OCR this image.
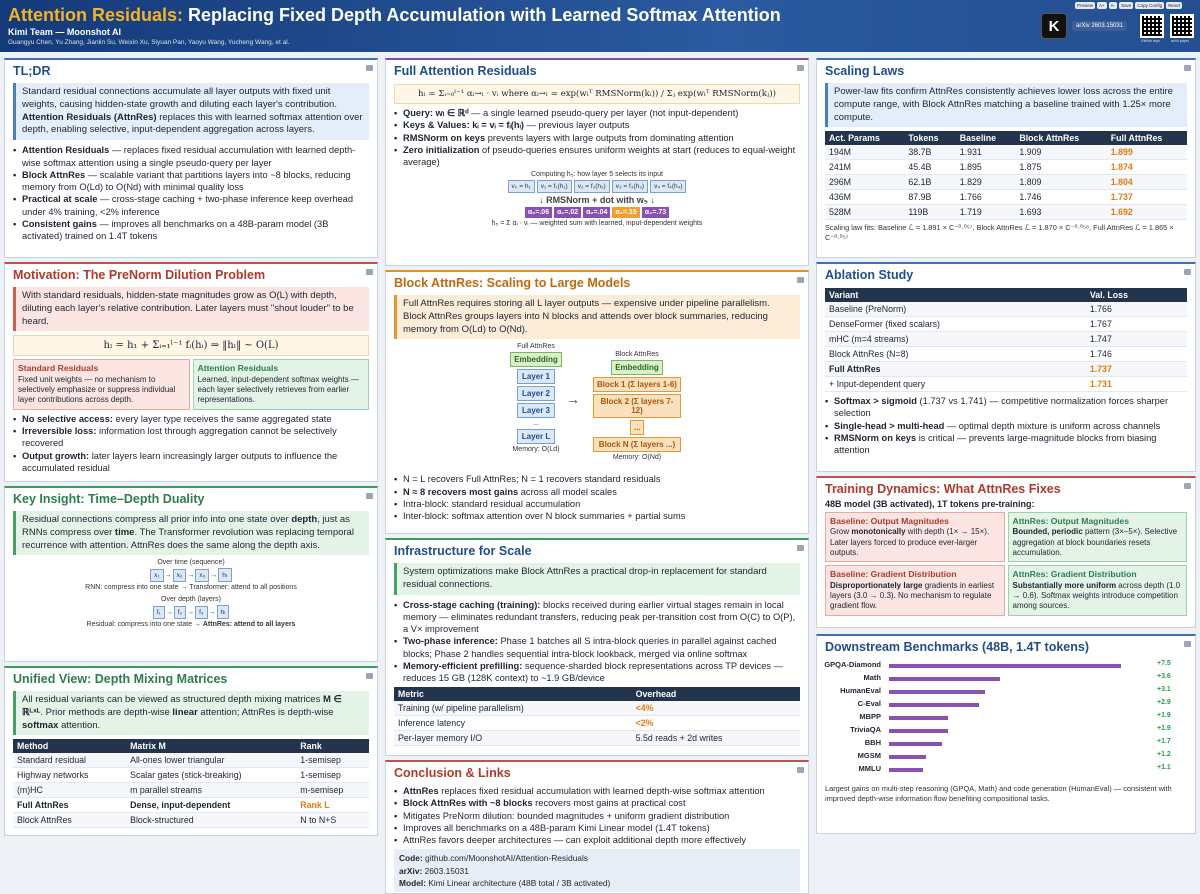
Attention Residuals: Replacing Fixed Depth Accumulation with Learned Softmax Attention
Kimi Team — Moonshot AI
Guangyu Chen, Yu Zhang, Jianlin Su, Weixin Xu, Siyuan Pan, Yaoyu Wang, Yucheng Wang, et al.
Preview	A+	A-	Save	Copy Config	Reset
K	arXiv 2603.15031
GitHub repo	arXiv paper
TL;DR
Standard residual connections accumulate all layer outputs with fixed unit weights, causing hidden-state growth and diluting each layer's contribution. Attention Residuals (AttnRes) replaces this with learned softmax attention over depth, enabling selective, input-dependent aggregation across layers.
• Attention Residuals — replaces fixed residual accumulation with learned depth-wise softmax attention using a single pseudo-query per layer
• Block AttnRes — scalable variant that partitions layers into ~8 blocks, reducing memory from O(Ld) to O(Nd) with minimal quality loss
• Practical at scale — cross-stage caching + two-phase inference keep overhead under 4% training, <2% inference
• Consistent gains — improves all benchmarks on a 48B-param model (3B activated) trained on 1.4T tokens
Motivation: The PreNorm Dilution Problem
With standard residuals, hidden-state magnitudes grow as O(L) with depth, diluting each layer's relative contribution. Later layers must "shout louder" to be heard.
hₗ = h₁ + Σᵢ₌₁ˡ⁻¹ fᵢ(hᵢ) ⇒ ‖hₗ‖ ~ O(L)
Standard Residuals
Fixed unit weights — no mechanism to selectively emphasize or suppress individual layer contributions across depth.
Attention Residuals
Learned, input-dependent softmax weights — each layer selectively retrieves from earlier representations.
• No selective access: every layer type receives the same aggregated state
• Irreversible loss: information lost through aggregation cannot be selectively recovered
• Output growth: later layers learn increasingly larger outputs to influence the accumulated residual
Key Insight: Time–Depth Duality
Residual connections compress all prior info into one state over depth, just as RNNs compress over time. The Transformer revolution was replacing temporal recurrence with attention. AttnRes does the same along the depth axis.
Over time (sequence)
x₁ → x₂ → x₃ → hₜ
RNN: compress into one state → Transformer: attend to all positions
Over depth (layers)
f₁ → f₂ → f₃ → hₗ
Residual: compress into one state → AttnRes: attend to all layers
Unified View: Depth Mixing Matrices
All residual variants can be viewed as structured depth mixing matrices M ∈ ℝᴸˣᴸ. Prior methods are depth-wise linear attention; AttnRes is depth-wise softmax attention.
Method	Matrix M	Rank
Standard residual	All-ones lower triangular	1-semisep
Highway networks	Scalar gates (stick-breaking)	1-semisep
(m)HC	m parallel streams	m-semisep
Full AttnRes	Dense, input-dependent	Rank L
Block AttnRes	Block-structured	N to N+S
Full Attention Residuals
hₗ = Σᵢ₌₀ˡ⁻¹ αᵢ→ₗ · vᵢ where αᵢ→ₗ = exp(wₗᵀ RMSNorm(kᵢ)) / Σⱼ exp(wₗᵀ RMSNorm(kⱼ))
• Query: wₗ ∈ ℝᵈ — a single learned pseudo-query per layer (not input-dependent)
• Keys & Values: kᵢ = vᵢ = fᵢ(hᵢ) — previous layer outputs
• RMSNorm on keys prevents layers with large outputs from dominating attention
• Zero initialization of pseudo-queries ensures uniform weights at start (reduces to equal-weight average)
Computing h₅: how layer 5 selects its input
v₀ = h₁ v₁ = f₁(h₁) v₂ = f₂(h₂) v₃ = f₃(h₃) v₄ = f₄(h₄)
↓ RMSNorm + dot with w₅ ↓
α₀=.06 α₁=.02 α₂=.04 α₃=.15 α₄=.73
h₅ = Σ αᵢ · vᵢ — weighted sum with learned, input-dependent weights
Block AttnRes: Scaling to Large Models
Full AttnRes requires storing all L layer outputs — expensive under pipeline parallelism. Block AttnRes groups layers into N blocks and attends over block summaries, reducing memory from O(Ld) to O(Nd).
Full AttnRes
Embedding
Layer 1
Layer 2
Layer 3
...
Layer L
Memory: O(Ld)
→
Block AttnRes
Embedding
Block 1 (Σ layers 1-6)
Block 2 (Σ layers 7-12)
...
Block N (Σ layers ...)
Memory: O(Nd)
• N = L recovers Full AttnRes; N = 1 recovers standard residuals
• N ≈ 8 recovers most gains across all model scales
• Intra-block: standard residual accumulation
• Inter-block: softmax attention over N block summaries + partial sums
Infrastructure for Scale
System optimizations make Block AttnRes a practical drop-in replacement for standard residual connections.
• Cross-stage caching (training): blocks received during earlier virtual stages remain in local memory — eliminates redundant transfers, reducing peak per-transition cost from O(C) to O(P), a V× improvement
• Two-phase inference: Phase 1 batches all S intra-block queries in parallel against cached blocks; Phase 2 handles sequential intra-block lookback, merged via online softmax
• Memory-efficient prefilling: sequence-sharded block representations across TP devices — reduces 15 GB (128K context) to ~1.9 GB/device
Metric	Overhead
Training (w/ pipeline parallelism)	<4%
Inference latency	<2%
Per-layer memory I/O	5.5d reads + 2d writes
Conclusion & Links
• AttnRes replaces fixed residual accumulation with learned depth-wise softmax attention
• Block AttnRes with ~8 blocks recovers most gains at practical cost
• Mitigates PreNorm dilution: bounded magnitudes + uniform gradient distribution
• Improves all benchmarks on a 48B-param Kimi Linear model (1.4T tokens)
• AttnRes favors deeper architectures — can exploit additional depth more effectively
Code: github.com/MoonshotAI/Attention-Residuals
arXiv: 2603.15031
Model: Kimi Linear architecture (48B total / 3B activated)
Scaling Laws
Power-law fits confirm AttnRes consistently achieves lower loss across the entire compute range, with Block AttnRes matching a baseline trained with 1.25× more compute.
Act. Params	Tokens	Baseline	Block AttnRes	Full AttnRes
194M	38.7B	1.931	1.909	1.899
241M	45.4B	1.895	1.875	1.874
296M	62.1B	1.829	1.809	1.804
436M	87.9B	1.766	1.746	1.737
528M	119B	1.719	1.693	1.692
Scaling law fits: Baseline ℒ = 1.891 × C⁻⁰·⁰⁵⁷, Block AttnRes ℒ = 1.870 × C⁻⁰·⁰⁵⁸, Full AttnRes ℒ = 1.865 × C⁻⁰·⁰⁵⁷
Ablation Study
Variant	Val. Loss
Baseline (PreNorm)	1.766
DenseFormer (fixed scalars)	1.767
mHC (m=4 streams)	1.747
Block AttnRes (N=8)	1.746
Full AttnRes	1.737
+ Input-dependent query	1.731
• Softmax > sigmoid (1.737 vs 1.741) — competitive normalization forces sharper selection
• Single-head > multi-head — optimal depth mixture is uniform across channels
• RMSNorm on keys is critical — prevents large-magnitude blocks from biasing attention
Training Dynamics: What AttnRes Fixes
48B model (3B activated), 1T tokens pre-training:
Baseline: Output Magnitudes
Grow monotonically with depth (1× → 15×). Later layers forced to produce ever-larger outputs.
AttnRes: Output Magnitudes
Bounded, periodic pattern (3×–5×). Selective aggregation at block boundaries resets accumulation.
Baseline: Gradient Distribution
Disproportionately large gradients in earliest layers (3.0 → 0.3). No mechanism to regulate gradient flow.
AttnRes: Gradient Distribution
Substantially more uniform across depth (1.0 → 0.6). Softmax weights introduce competition among sources.
Downstream Benchmarks (48B, 1.4T tokens)
GPQA-Diamond	+7.5
Math	+3.6
HumanEval	+3.1
C-Eval	+2.9
MBPP	+1.9
TriviaQA	+1.9
BBH	+1.7
MGSM	+1.2
MMLU	+1.1
Largest gains on multi-step reasoning (GPQA, Math) and code generation (HumanEval) — consistent with improved depth-wise information flow benefiting compositional tasks.
